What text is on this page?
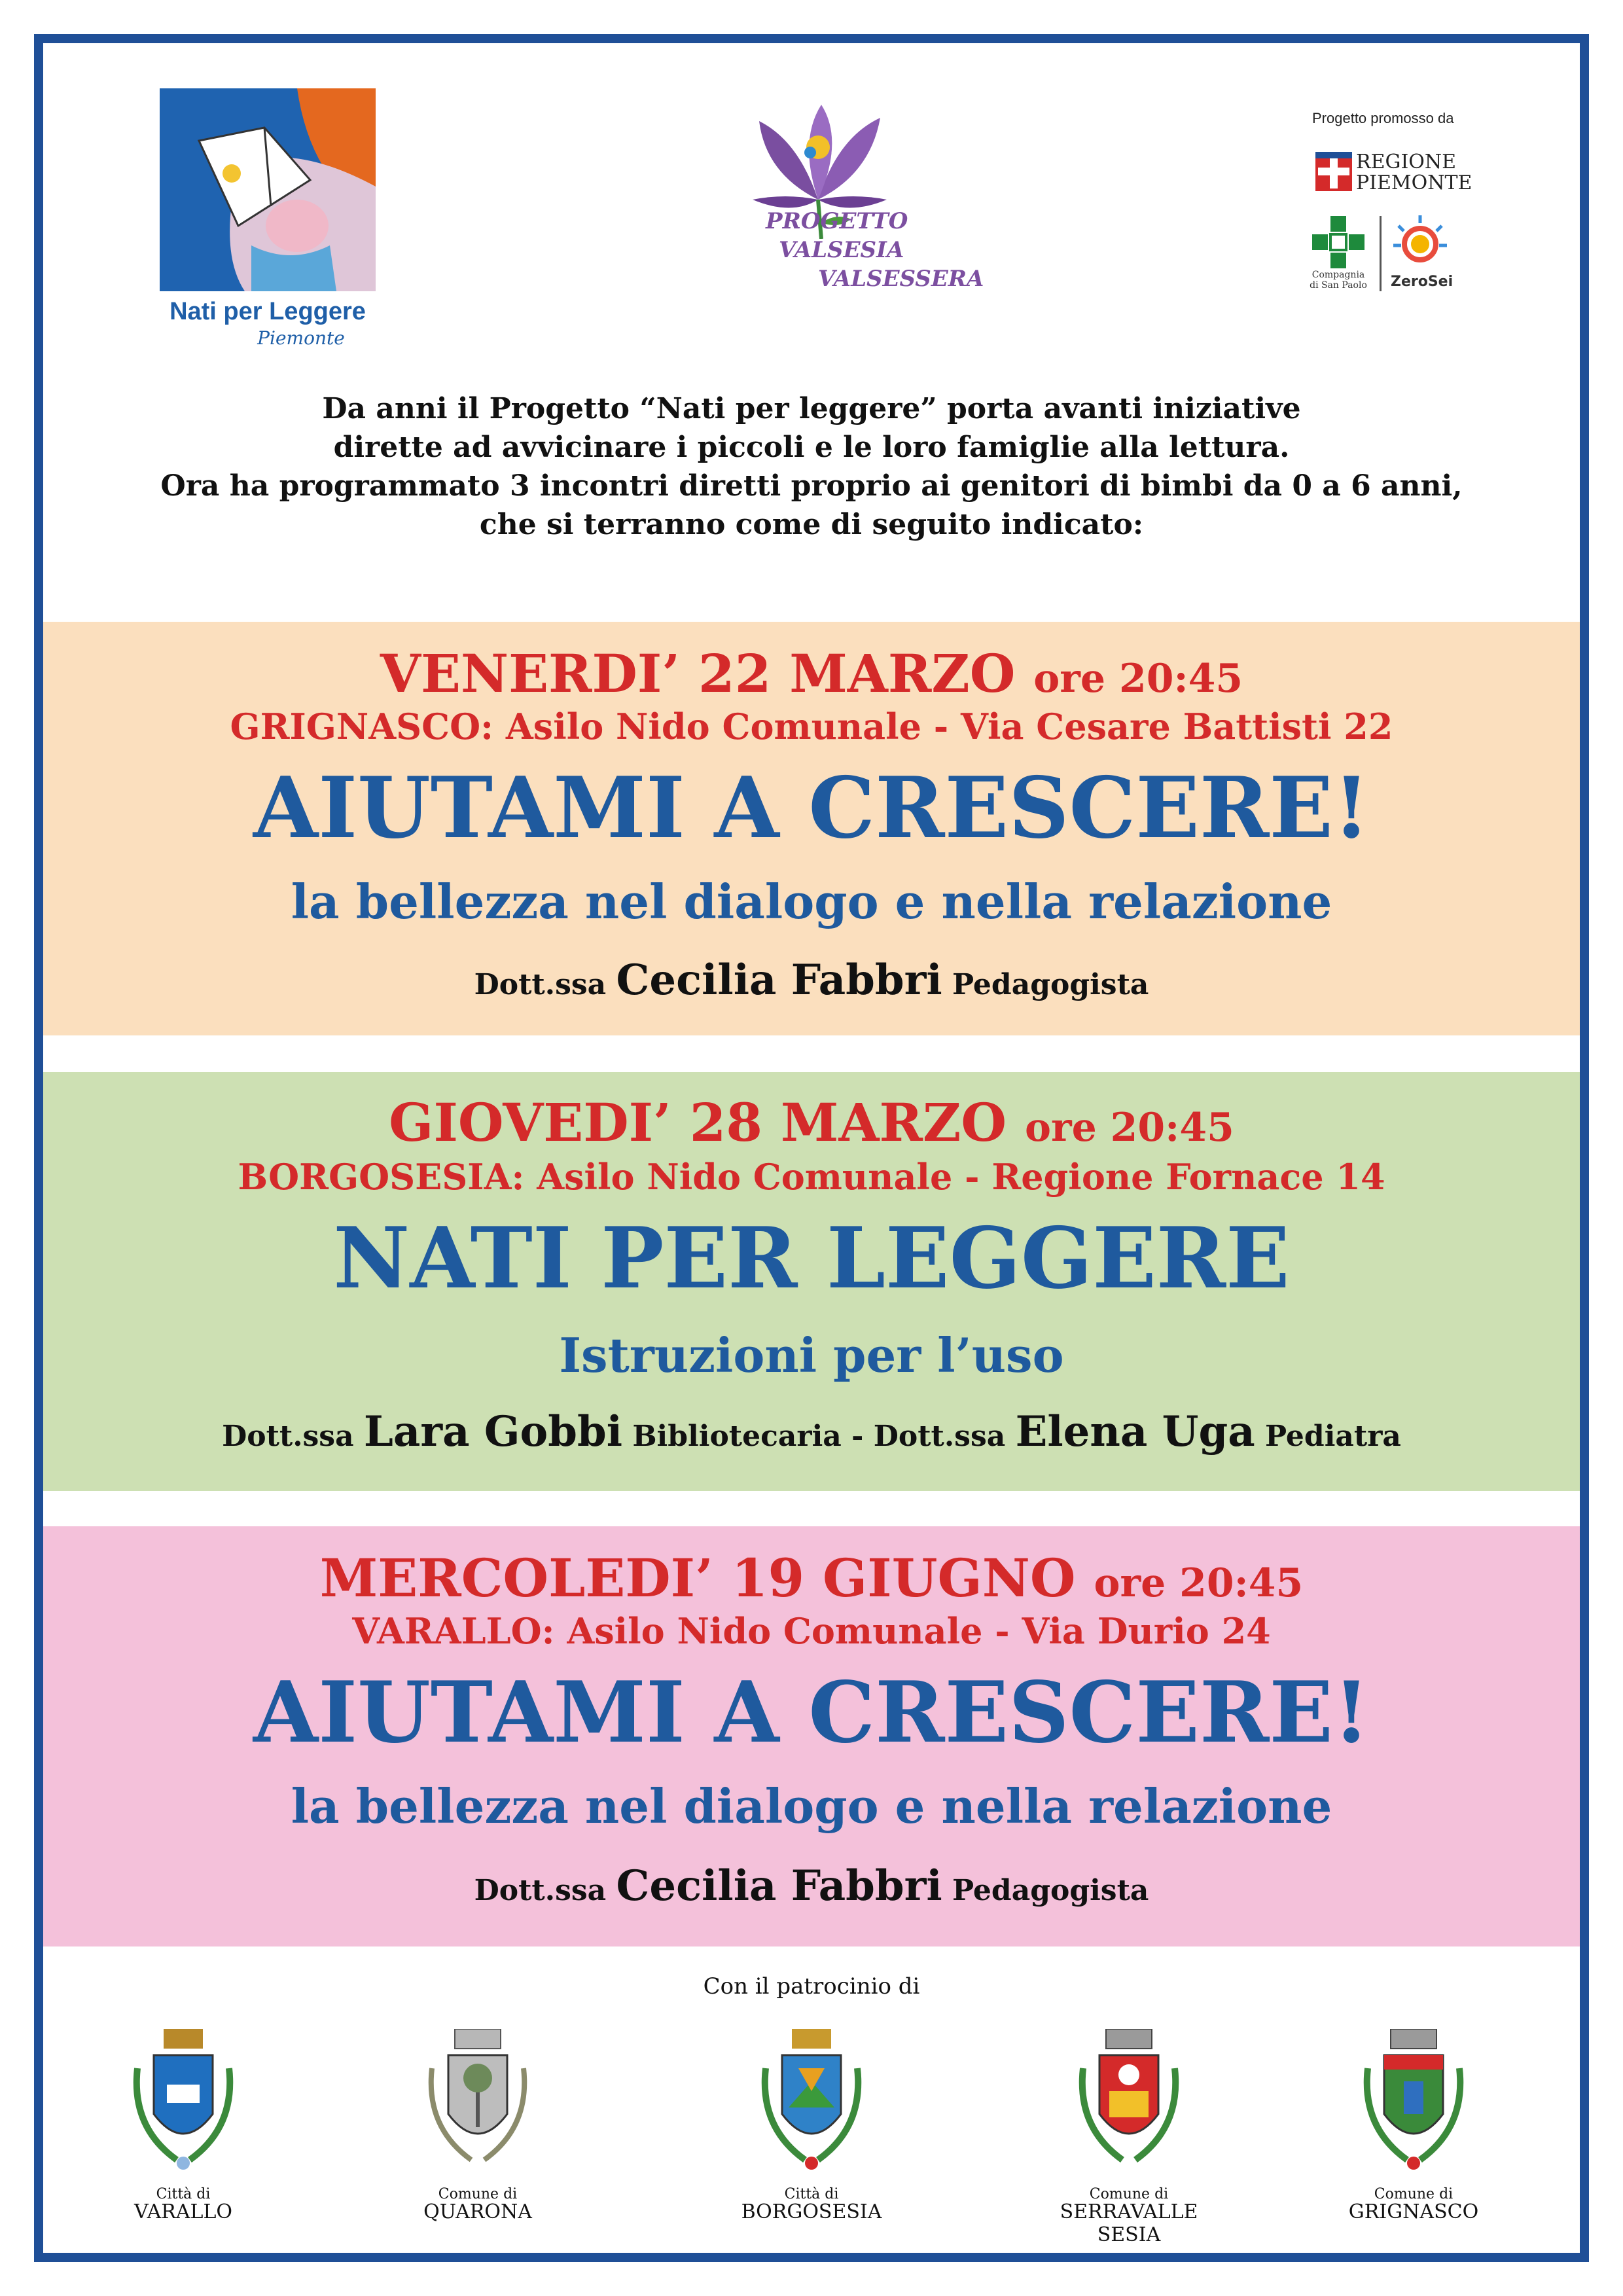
Nati per Leggere
Piemonte
PROGETTO
VALSESIA
VALSESSERA
Progetto promosso da
REGIONE
PIEMONTE
Compagnia di San Paolo ZeroSei
Da anni il Progetto “Nati per leggere” porta avanti iniziative
dirette ad avvicinare i piccoli e le loro famiglie alla lettura.
Ora ha programmato 3 incontri diretti proprio ai genitori di bimbi da 0 a 6 anni,
che si terranno come di seguito indicato:
VENERDI’ 22 MARZO ore 20:45
GRIGNASCO: Asilo Nido Comunale - Via Cesare Battisti 22
AIUTAMI A CRESCERE!
la bellezza nel dialogo e nella relazione
Dott.ssa Cecilia Fabbri Pedagogista
GIOVEDI’ 28 MARZO ore 20:45
BORGOSESIA: Asilo Nido Comunale - Regione Fornace 14
NATI PER LEGGERE
Istruzioni per l’uso
Dott.ssa Lara Gobbi Bibliotecaria - Dott.ssa Elena Uga Pediatra
MERCOLEDI’ 19 GIUGNO ore 20:45
VARALLO: Asilo Nido Comunale - Via Durio 24
AIUTAMI A CRESCERE!
la bellezza nel dialogo e nella relazione
Dott.ssa Cecilia Fabbri Pedagogista
Con il patrocinio di
Città di
VARALLO
Comune di
QUARONA
Città di
BORGOSESIA
Comune di
SERRAVALLE SESIA
Comune di
GRIGNASCO
